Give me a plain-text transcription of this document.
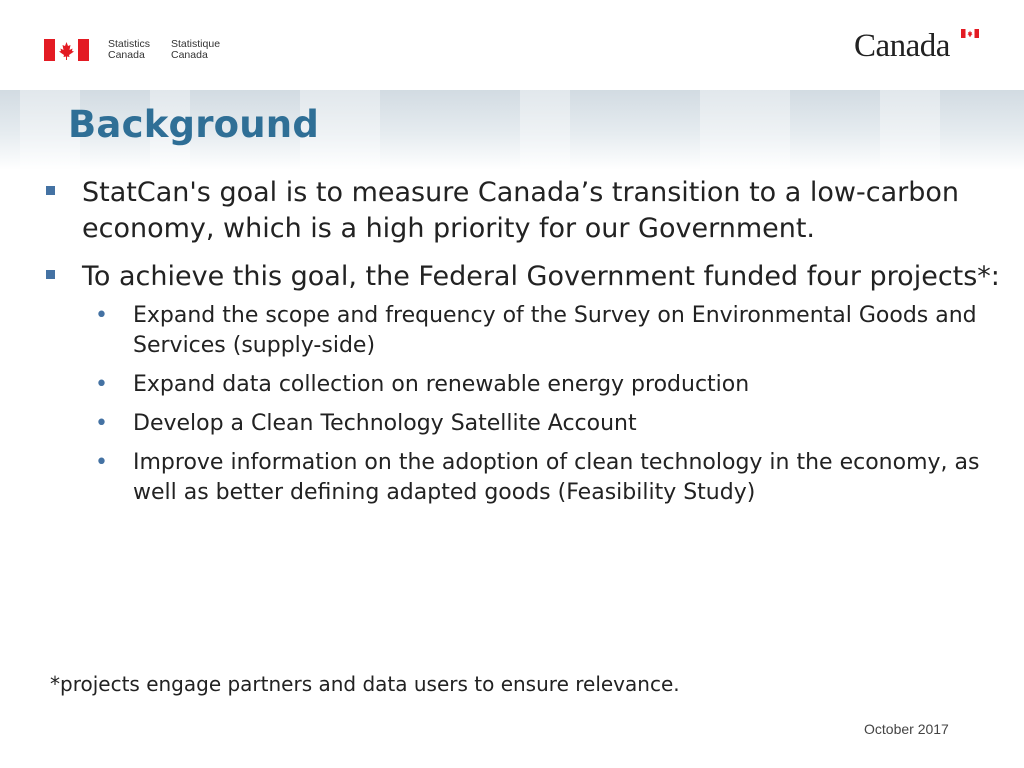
Statistics
Canada
Statistique
Canada	Canada
Background
StatCan's goal is to measure Canada’s transition to a low-carbon economy, which is a high priority for our Government.
To achieve this goal, the Federal Government funded four projects*:
• Expand the scope and frequency of the Survey on Environmental Goods and Services (supply-side)
• Expand data collection on renewable energy production
• Develop a Clean Technology Satellite Account
• Improve information on the adoption of clean technology in the economy, as well as better defining adapted goods (Feasibility Study)
*projects engage partners and data users to ensure relevance.
October 2017
